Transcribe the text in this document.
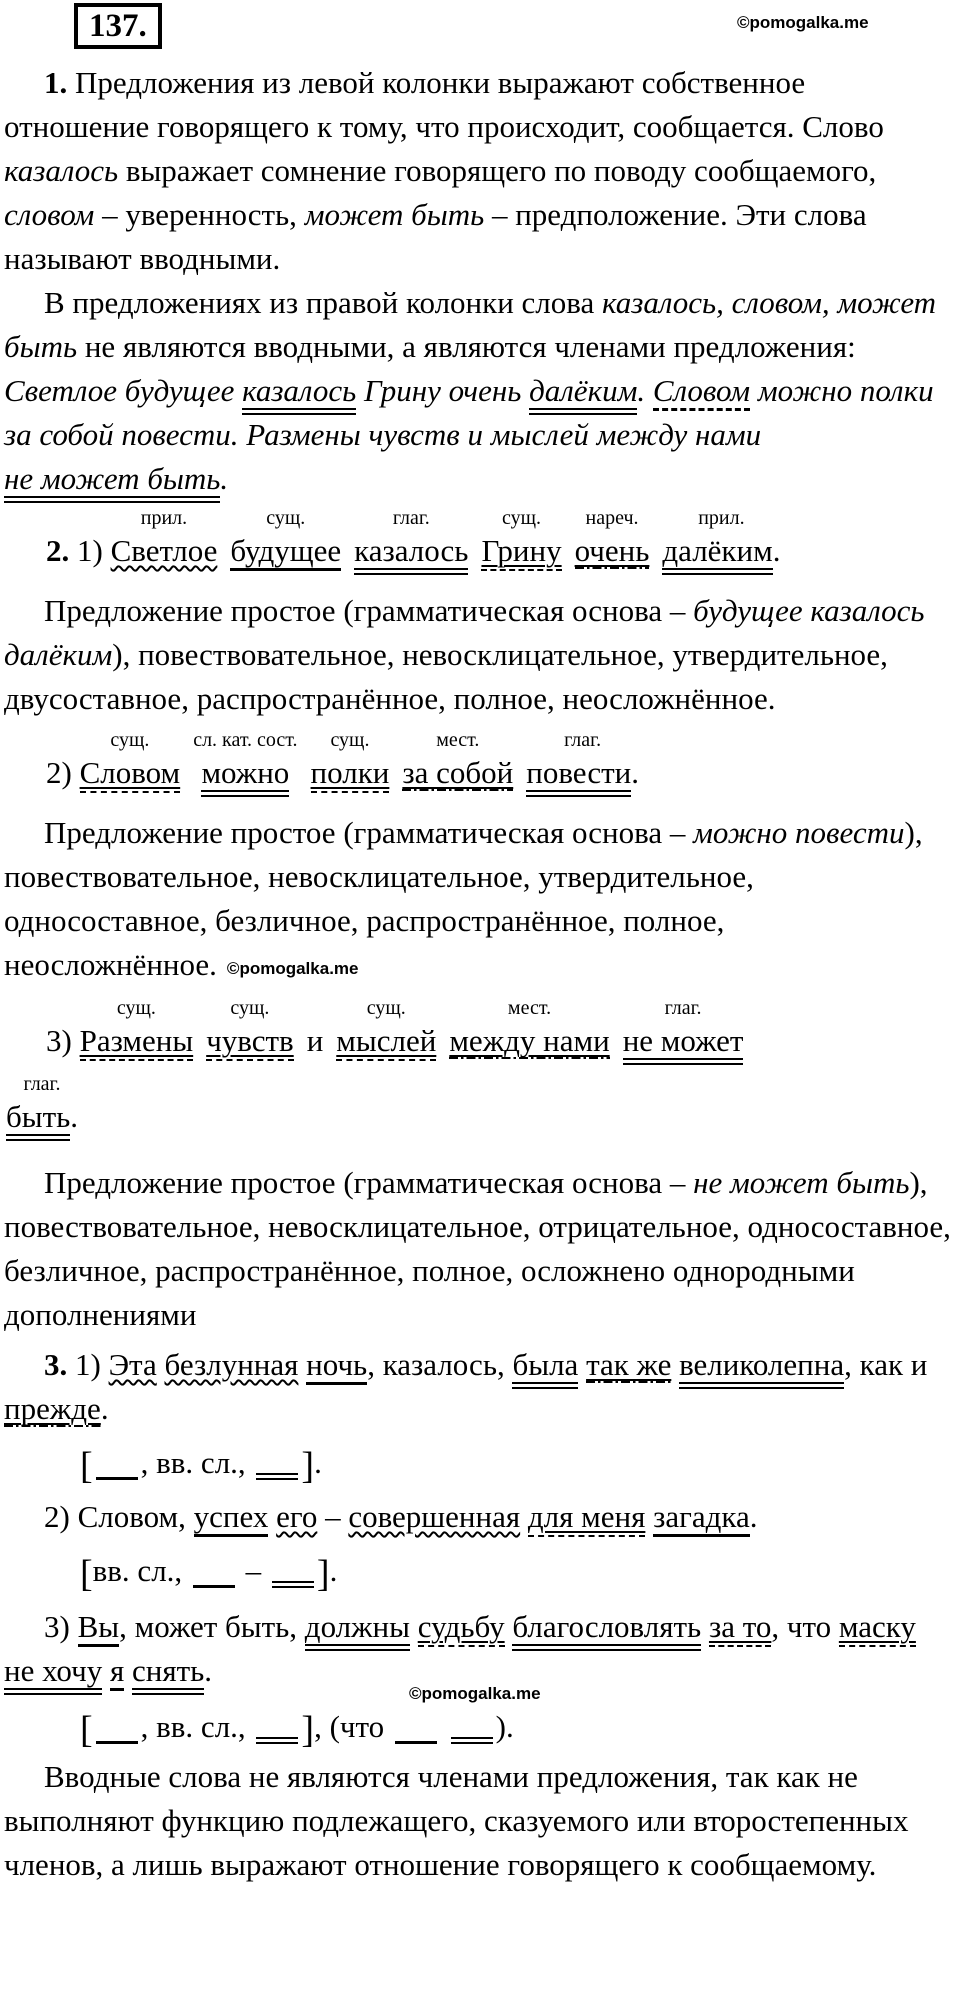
©pomogalka.me
137.

1. Предложения из левой колонки выражают собственное отношение говорящего к тому, что происходит, сообщается. Слово казалось выражает сомнение говорящего по поводу сообщаемого, словом – уверенность, может быть – предположение. Эти слова называют вводными.

В предложениях из правой колонки слова казалось, словом, может быть не являются вводными, а являются членами предложения: Светлое будущее казалось Грину очень далёким. Словом можно полки за собой повести. Размены чувств и мыслей между нами не может быть.

2. 1)
прил.
Светлое
сущ.
будущее
глаг.
казалось
сущ.
Грину
нареч.
очень
прил.
далёким.

Предложение простое (грамматическая основа – будущее казалось далёким), повествовательное, невосклицательное, утвердительное, двусоставное, распространённое, полное, неосложнённое.

2)
сущ.
Словом
сл. кат. сост.
можно
сущ.
полки
мест.
за собой
глаг.
повести.

Предложение простое (грамматическая основа – можно повести), повествовательное, невосклицательное, утвердительное, односоставное, безличное, распространённое, полное, неосложнённое. ©pomogalka.me

3)
сущ.
Размены
сущ.
чувств и
сущ.
мыслей
мест.
между нами
глаг.
не может

глаг.
быть.

Предложение простое (грамматическая основа – не может быть), повествовательное, невосклицательное, отрицательное, односоставное, безличное, распространённое, полное, осложнено однородными дополнениями

3. 1) Эта безлунная ночь, казалось, была так же великолепна, как и прежде.

[ , вв. сл., ].

2) Словом, успех его – совершенная для меня загадка.

[вв. сл.,  – ].

3) Вы, может быть, должны судьбу благословлять за то, что маску не хочу я снять.

©pomogalka.me

[ , вв. сл., ], (что	).

Вводные слова не являются членами предложения, так как не выполняют функцию подлежащего, сказуемого или второстепенных членов, а лишь выражают отношение говорящего к сообщаемому.
